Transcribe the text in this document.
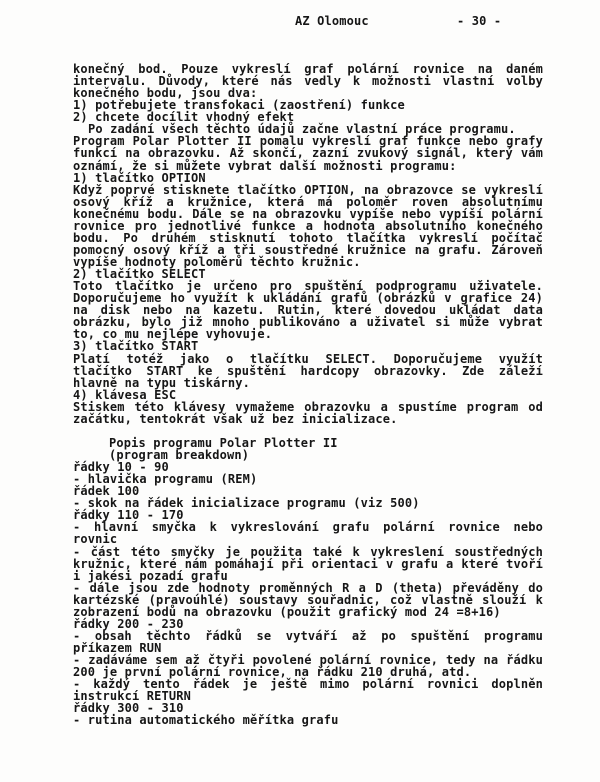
AZ Olomouc	- 30 -
konečný bod. Pouze vykreslí graf polární rovnice na daném
intervalu. Důvody, které nás vedly k možnosti vlastní volby
konečného bodu, jsou dva:
1) potřebujete transfokaci (zaostření) funkce
2) chcete docílit vhodný efekt
Po zadání všech těchto údajů začne vlastní práce programu.
Program Polar Plotter II pomalu vykreslí graf funkce nebo grafy
funkcí na obrazovku. Až skončí, zazní zvukový signál, který vám
oznámí, že si můžete vybrat další možnosti programu:
1) tlačítko OPTION
Když poprvé stisknete tlačítko OPTION, na obrazovce se vykreslí
osový kříž a kružnice, která má poloměr roven absolutnímu
konečnému bodu. Dále se na obrazovku vypíše nebo vypíší polární
rovnice pro jednotlivé funkce a hodnota absolutního konečného
bodu. Po druhém stisknutí tohoto tlačítka vykreslí počítač
pomocný osový kříž a tři soustředné kružnice na grafu. Zároveň
vypíše hodnoty poloměrů těchto kružnic.
2) tlačítko SELECT
Toto tlačítko je určeno pro spuštění podprogramu uživatele.
Doporučujeme ho využít k ukládání grafů (obrázků v grafice 24)
na disk nebo na kazetu. Rutin, které dovedou ukládat data
obrázku, bylo již mnoho publikováno a uživatel si může vybrat
to, co mu nejlépe vyhovuje.
3) tlačítko START
Platí totéž jako o tlačítku SELECT. Doporučujeme využít
tlačítko START ke spuštění hardcopy obrazovky. Zde záleží
hlavně na typu tiskárny.
4) klávesa ESC
Stiskem této klávesy vymažeme obrazovku a spustíme program od
začátku, tentokrát však už bez inicializace.

Popis programu Polar Plotter II
(program breakdown)
řádky 10 - 90
- hlavička programu (REM)
řádek 100
- skok na řádek inicializace programu (viz 500)
řádky 110 - 170
- hlavní smyčka k vykreslování grafu polární rovnice nebo
rovnic
- část této smyčky je použita také k vykreslení soustředných
kružnic, které nám pomáhají při orientaci v grafu a které tvoří
i jakési pozadí grafu
- dále jsou zde hodnoty proměnných R a D (theta) převáděny do
kartézské (pravoúhlé) soustavy souřadnic, což vlastně slouží k
zobrazení bodů na obrazovku (použit grafický mod 24 =8+16)
řádky 200 - 230
- obsah těchto řádků se vytváří až po spuštění programu
příkazem RUN
- zadáváme sem až čtyři povolené polární rovnice, tedy na řádku
200 je první polární rovnice, na řádku 210 druhá, atd.
- každý tento řádek je ještě mimo polární rovnici doplněn
instrukcí RETURN
řádky 300 - 310
- rutina automatického měřítka grafu
